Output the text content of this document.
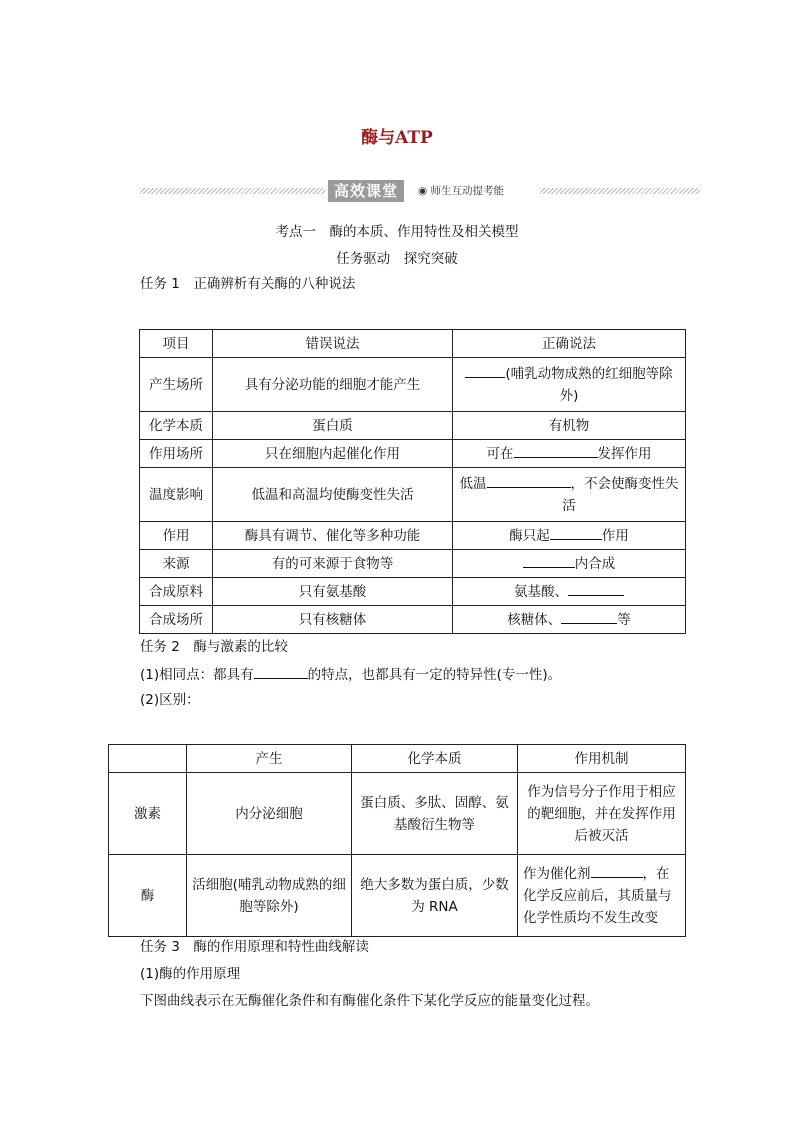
酶与ATP
高效课堂	◉ 师生互动提考能
考点一　酶的本质、作用特性及相关模型
任务驱动　探究突破
任务 1　正确辨析有关酶的八种说法
项目	错误说法	正确说法
产生场所	具有分泌功能的细胞才能产生	(哺乳动物成熟的红细胞等除外)
化学本质	蛋白质	有机物
作用场所	只在细胞内起催化作用	可在 发挥作用
温度影响	低温和高温均使酶变性失活	低温 ，不会使酶变性失活
作用	酶具有调节、催化等多种功能	酶只起 作用
来源	有的可来源于食物等	内合成
合成原料	只有氨基酸	氨基酸、
合成场所	只有核糖体	核糖体、 等
任务 2　酶与激素的比较
(1)相同点：都具有	的特点，也都具有一定的特异性(专一性)。
(2)区别：
	产生	化学本质	作用机制
激素	内分泌细胞	蛋白质、多肽、固醇、氨基酸衍生物等	作为信号分子作用于相应的靶细胞，并在发挥作用后被灭活
酶	活细胞(哺乳动物成熟的细胞等除外)	绝大多数为蛋白质，少数为 RNA	作为催化剂 ，在化学反应前后，其质量与化学性质均不发生改变
任务 3　酶的作用原理和特性曲线解读
(1)酶的作用原理
下图曲线表示在无酶催化条件和有酶催化条件下某化学反应的能量变化过程。
